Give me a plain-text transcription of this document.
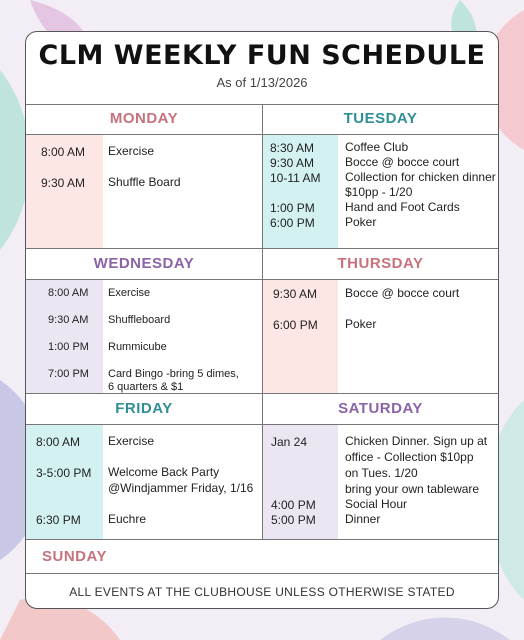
CLM WEEKLY FUN SCHEDULE
As of 1/13/2026
MONDAY
8:00 AM Exercise
9:30 AM Shuffle Board
TUESDAY
8:30 AM	Coffee Club
9:30 AM	Bocce @ bocce court
10-11 AM Collection for chicken dinner
$10pp - 1/20
1:00 PM	Hand and Foot Cards
6:00 PM	Poker
WEDNESDAY
8:00 AM Exercise
9:30 AM Shuffleboard
1:00 PM Rummicube
7:00 PM Card Bingo -bring 5 dimes,
6 quarters & $1
THURSDAY
9:30 AM Bocce @ bocce court
6:00 PM Poker
FRIDAY
8:00 AM Exercise
3-5:00 PM Welcome Back Party
@Windjammer Friday, 1/16
6:30 PM Euchre
SATURDAY
Jan 24	Chicken Dinner. Sign up at
office - Collection $10pp
on Tues. 1/20
bring your own tableware
4:00 PM Social Hour
5:00 PM Dinner
SUNDAY
ALL EVENTS AT THE CLUBHOUSE UNLESS OTHERWISE STATED
